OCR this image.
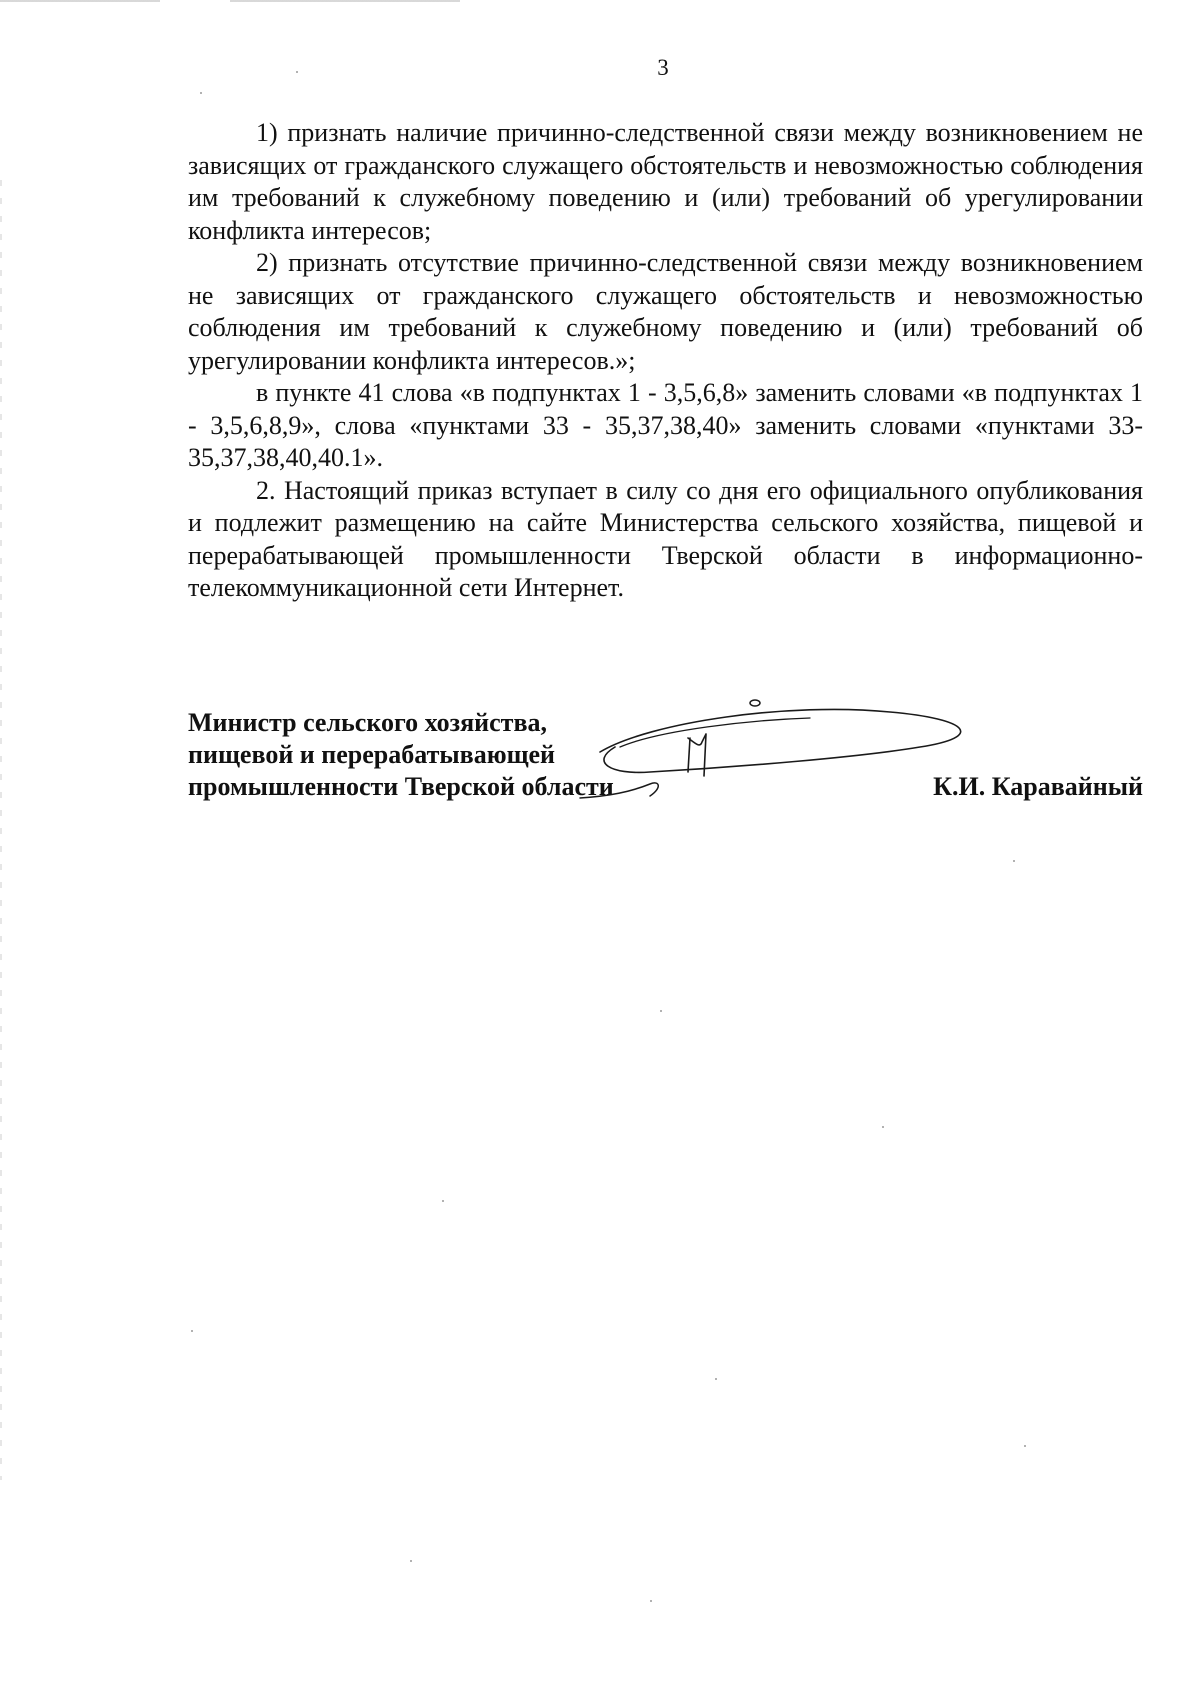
3

1) признать наличие причинно-следственной связи между возникновением не зависящих от гражданского служащего обстоятельств и невозможностью соблюдения им требований к служебному поведению и (или) требований об урегулировании конфликта интересов;

2) признать отсутствие причинно-следственной связи между возникновением не зависящих от гражданского служащего обстоятельств и невозможностью соблюдения им требований к служебному поведению и (или) требований об урегулировании конфликта интересов.»;

в пункте 41 слова «в подпунктах 1 - 3,5,6,8» заменить словами «в подпунктах 1 - 3,5,6,8,9», слова «пунктами 33 - 35,37,38,40» заменить словами «пунктами 33-35,37,38,40,40.1».

2. Настоящий приказ вступает в силу со дня его официального опубликования и подлежит размещению на сайте Министерства сельского хозяйства, пищевой и перерабатывающей промышленности Тверской области в информационно-телекоммуникационной сети Интернет.

Министр сельского хозяйства,
пищевой и перерабатывающей
промышленности Тверской области	К.И. Каравайный
